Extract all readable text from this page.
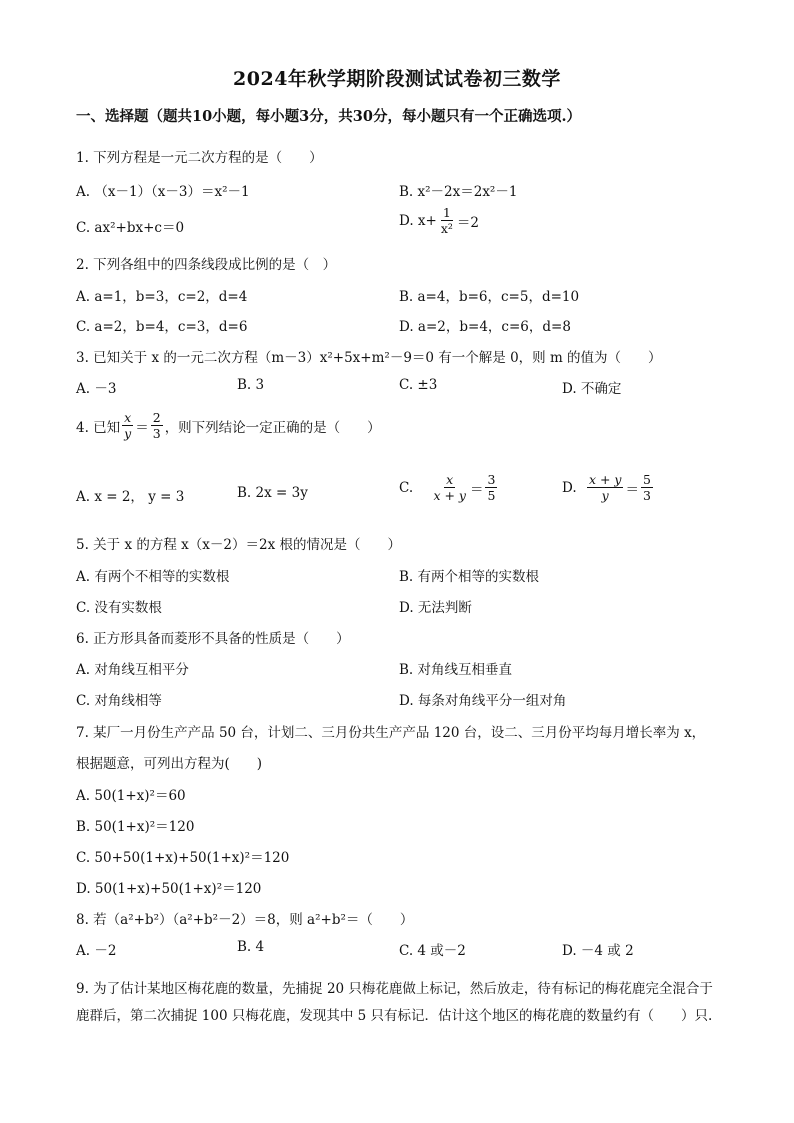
2024年秋学期阶段测试试卷初三数学
一、选择题（题共10小题，每小题3分，共30分，每小题只有一个正确选项.）
1. 下列方程是一元二次方程的是（　　）
A. （x－1）（x－3）＝x²－1	B. x²－2x＝2x²－1
C. ax²+bx+c＝0	D. $x+ \frac{1}{\text{x²}} =2$
2. 下列各组中的四条线段成比例的是（　）
A. a=1，b=3，c=2，d=4	B. a=4，b=6，c=5，d=10
C. a=2，b=4，c=3，d=6	D. a=2，b=4，c=6，d=8
3. 已知关于 x 的一元二次方程（m－3）x²+5x+m²－9＝0 有一个解是 0，则 m 的值为（　　）
A. －3	B. 3	C. ±3	D. 不确定
4. 已知 $\frac{x}{y} = \frac{2}{3}$ ，则下列结论一定正确的是（　　）
A. x = 2， y = 3	B. 2x = 3y	C. $\frac{x}{x + y} = \frac{3}{5}$	D. $\frac{x + y}{y} = \frac{5}{3}$
5. 关于 x 的方程 x（x－2）＝2x 根的情况是（　　）
A. 有两个不相等的实数根	B. 有两个相等的实数根
C. 没有实数根	D. 无法判断
6. 正方形具备而菱形不具备的性质是（　　）
A. 对角线互相平分	B. 对角线互相垂直
C. 对角线相等	D. 每条对角线平分一组对角
7. 某厂一月份生产产品 50 台，计划二、三月份共生产产品 120 台，设二、三月份平均每月增长率为 x，
根据题意，可列出方程为(　　)
A. 50(1+x)²＝60
B. 50(1+x)²＝120
C. 50+50(1+x)+50(1+x)²＝120
D. 50(1+x)+50(1+x)²＝120
8. 若（a²+b²）（a²+b²－2）＝8，则 a²+b²＝（　　）
A. －2	B. 4	C. 4 或－2	D. －4 或 2
9. 为了估计某地区梅花鹿的数量，先捕捉 20 只梅花鹿做上标记，然后放走，待有标记的梅花鹿完全混合于鹿群后，第二次捕捉 100 只梅花鹿，发现其中 5 只有标记．估计这个地区的梅花鹿的数量约有（　　）只.
